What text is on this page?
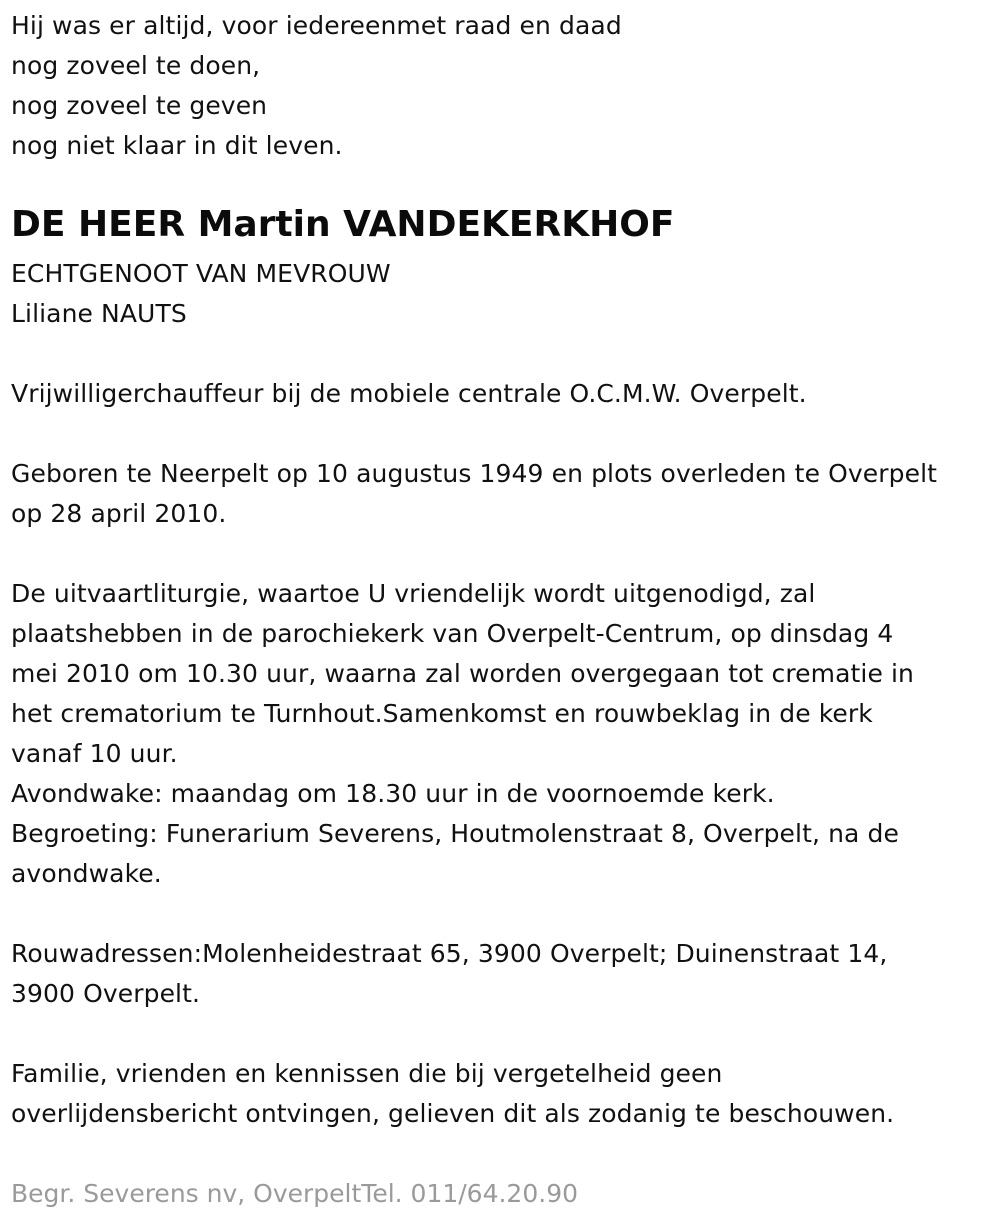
Hij was er altijd, voor iedereenmet raad en daad
nog zoveel te doen,
nog zoveel te geven
nog niet klaar in dit leven.
DE HEER Martin VANDEKERKHOF
ECHTGENOOT VAN MEVROUW
Liliane NAUTS
Vrijwilligerchauffeur bij de mobiele centrale O.C.M.W. Overpelt.
Geboren te Neerpelt op 10 augustus 1949 en plots overleden te Overpelt
op 28 april 2010.
De uitvaartliturgie, waartoe U vriendelijk wordt uitgenodigd, zal
plaatshebben in de parochiekerk van Overpelt-Centrum, op dinsdag 4
mei 2010 om 10.30 uur, waarna zal worden overgegaan tot crematie in
het crematorium te Turnhout.Samenkomst en rouwbeklag in de kerk
vanaf 10 uur.
Avondwake: maandag om 18.30 uur in de voornoemde kerk.
Begroeting: Funerarium Severens, Houtmolenstraat 8, Overpelt, na de
avondwake.
Rouwadressen:Molenheidestraat 65, 3900 Overpelt; Duinenstraat 14,
3900 Overpelt.
Familie, vrienden en kennissen die bij vergetelheid geen
overlijdensbericht ontvingen, gelieven dit als zodanig te beschouwen.
Begr. Severens nv, OverpeltTel. 011/64.20.90
